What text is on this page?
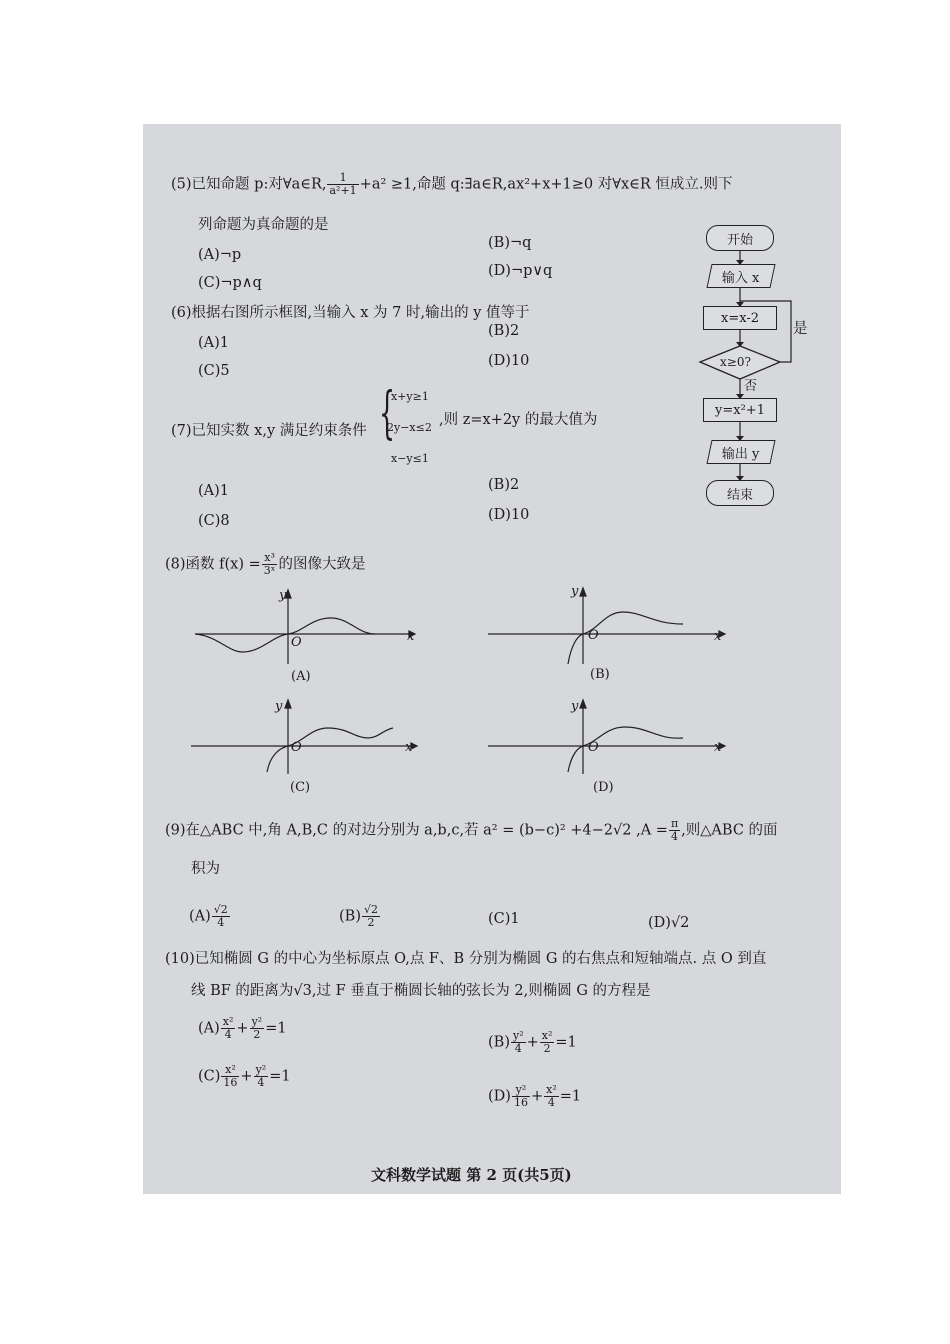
(5)已知命题 p:对∀a∈R, $\frac{1}{\text{a²+1}} +a^2 \ge 1$,命题 q:∃a∈R,ax²+x+1≥0 对∀x∈R 恒成立.则下
列命题为真命题的是
(A)¬p
(B)¬q
(C)¬p∧q
(D)¬p∨q
(6)根据右图所示框图,当输入 x 为 7 时,输出的 y 值等于
(A)1
(B)2
(C)5
(D)10
开始
输入 x
x=x-2
x≥0?
是
否
y=x²+1
输出 y
结束
(7)已知实数 x,y 满足约束条件 {
x+y≥1
2y−x≤2
x−y≤1
,则 z=x+2y 的最大值为
(A)1	(B)2
(C)8	(D)10
(8)函数 $f(x) = \frac{\text{x³}}{\text{3ˣ}}$ 的图像大致是
y
x
O
(A)
y
x
O
(B)
y
x
O
(C)
y
x
O
(D)
(9)在△ABC 中,角 A,B,C 的对边分别为 a,b,c,若 a² = (b−c)² +4−2√2 $,A = \frac{\pi}{4}$ ,则△ABC 的面
积为
$(A) \frac{√2}{4}$	$(B) \frac{√2}{2}$	(C)1	(D)√2
(10)已知椭圆 G 的中心为坐标原点 O,点 F、B 分别为椭圆 G 的右焦点和短轴端点. 点 O 到直
线 BF 的距离为√3,过 F 垂直于椭圆长轴的弦长为 2,则椭圆 G 的方程是
$(A) \frac{\text{x²}}{4} + \frac{\text{y²}}{2} =1$
$(B) \frac{\text{y²}}{4} + \frac{\text{x²}}{2} =1$
$(C) \frac{\text{x²}}{16} + \frac{\text{y²}}{4} =1$
$(D) \frac{\text{y²}}{16} + \frac{\text{x²}}{4} =1$
文科数学试题 第 2 页(共5页)
